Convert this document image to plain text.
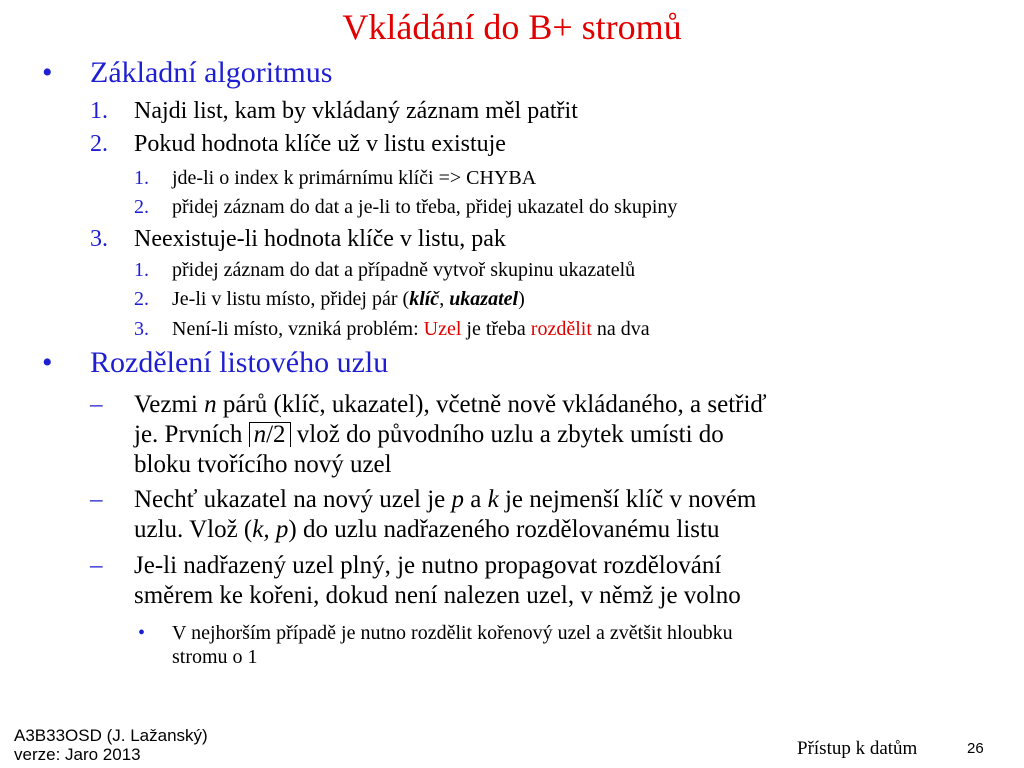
Vkládání do B+ stromů
• Základní algoritmus
1. Najdi list, kam by vkládaný záznam měl patřit
2. Pokud hodnota klíče už v listu existuje
1. jde-li o index k primárnímu klíči => CHYBA
2. přidej záznam do dat a je-li to třeba, přidej ukazatel do skupiny
3. Neexistuje-li hodnota klíče v listu, pak
1. přidej záznam do dat a případně vytvoř skupinu ukazatelů
2. Je-li v listu místo, přidej pár (klíč, ukazatel)
3. Není-li místo, vzniká problém: Uzel je třeba rozdělit na dva
• Rozdělení listového uzlu
– Vezmi n párů (klíč, ukazatel), včetně nově vkládaného, a setřiď
je. Prvních n/2 vlož do původního uzlu a zbytek umísti do
bloku tvořícího nový uzel
– Nechť ukazatel na nový uzel je p a k je nejmenší klíč v novém
uzlu. Vlož (k, p) do uzlu nadřazeného rozdělovanému listu
– Je-li nadřazený uzel plný, je nutno propagovat rozdělování
směrem ke kořeni, dokud není nalezen uzel, v němž je volno
• V nejhorším případě je nutno rozdělit kořenový uzel a zvětšit hloubku
stromu o 1
A3B33OSD (J. Lažanský)
verze: Jaro 2013	Přístup k datům	26
